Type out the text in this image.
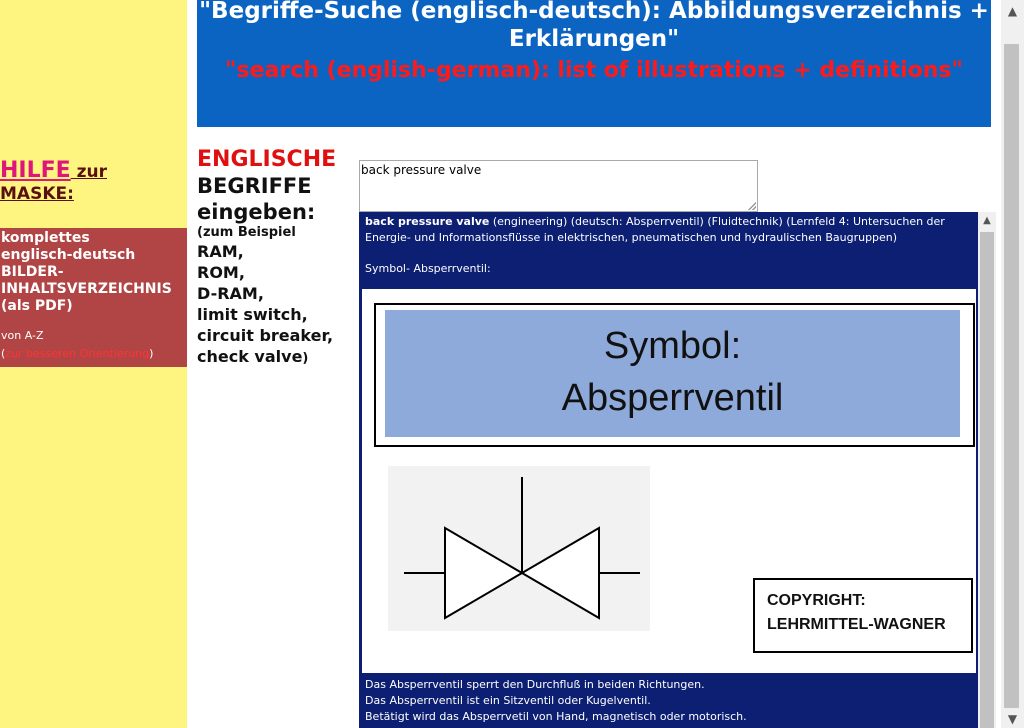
HILFE zur
MASKE:
komplettes
englisch-deutsch
BILDER-
INHALTSVERZEICHNIS
(als PDF)
von A-Z
(zur besseren Orientierung)
"Begriffe-Suche (englisch-deutsch): Abbildungsverzeichnis + Erklärungen"
"search (english-german): list of illustrations + definitions"
ENGLISCHE
BEGRIFFE
eingeben:
(zum Beispiel
RAM,
ROM,
D-RAM,
limit switch,
circuit breaker,
check valve)
back pressure valve
back pressure valve (engineering) (deutsch: Absperrventil) (Fluidtechnik) (Lernfeld 4: Untersuchen der Energie- und Informationsflüsse in elektrischen, pneumatischen und hydraulischen Baugruppen)
Symbol- Absperrventil:
Symbol:
Absperrventil
COPYRIGHT:
LEHRMITTEL-WAGNER
Das Absperrventil sperrt den Durchfluß in beiden Richtungen.
Das Absperrventil ist ein Sitzventil oder Kugelventil.
Betätigt wird das Absperrvetil von Hand, magnetisch oder motorisch.
▲
▲
▼
